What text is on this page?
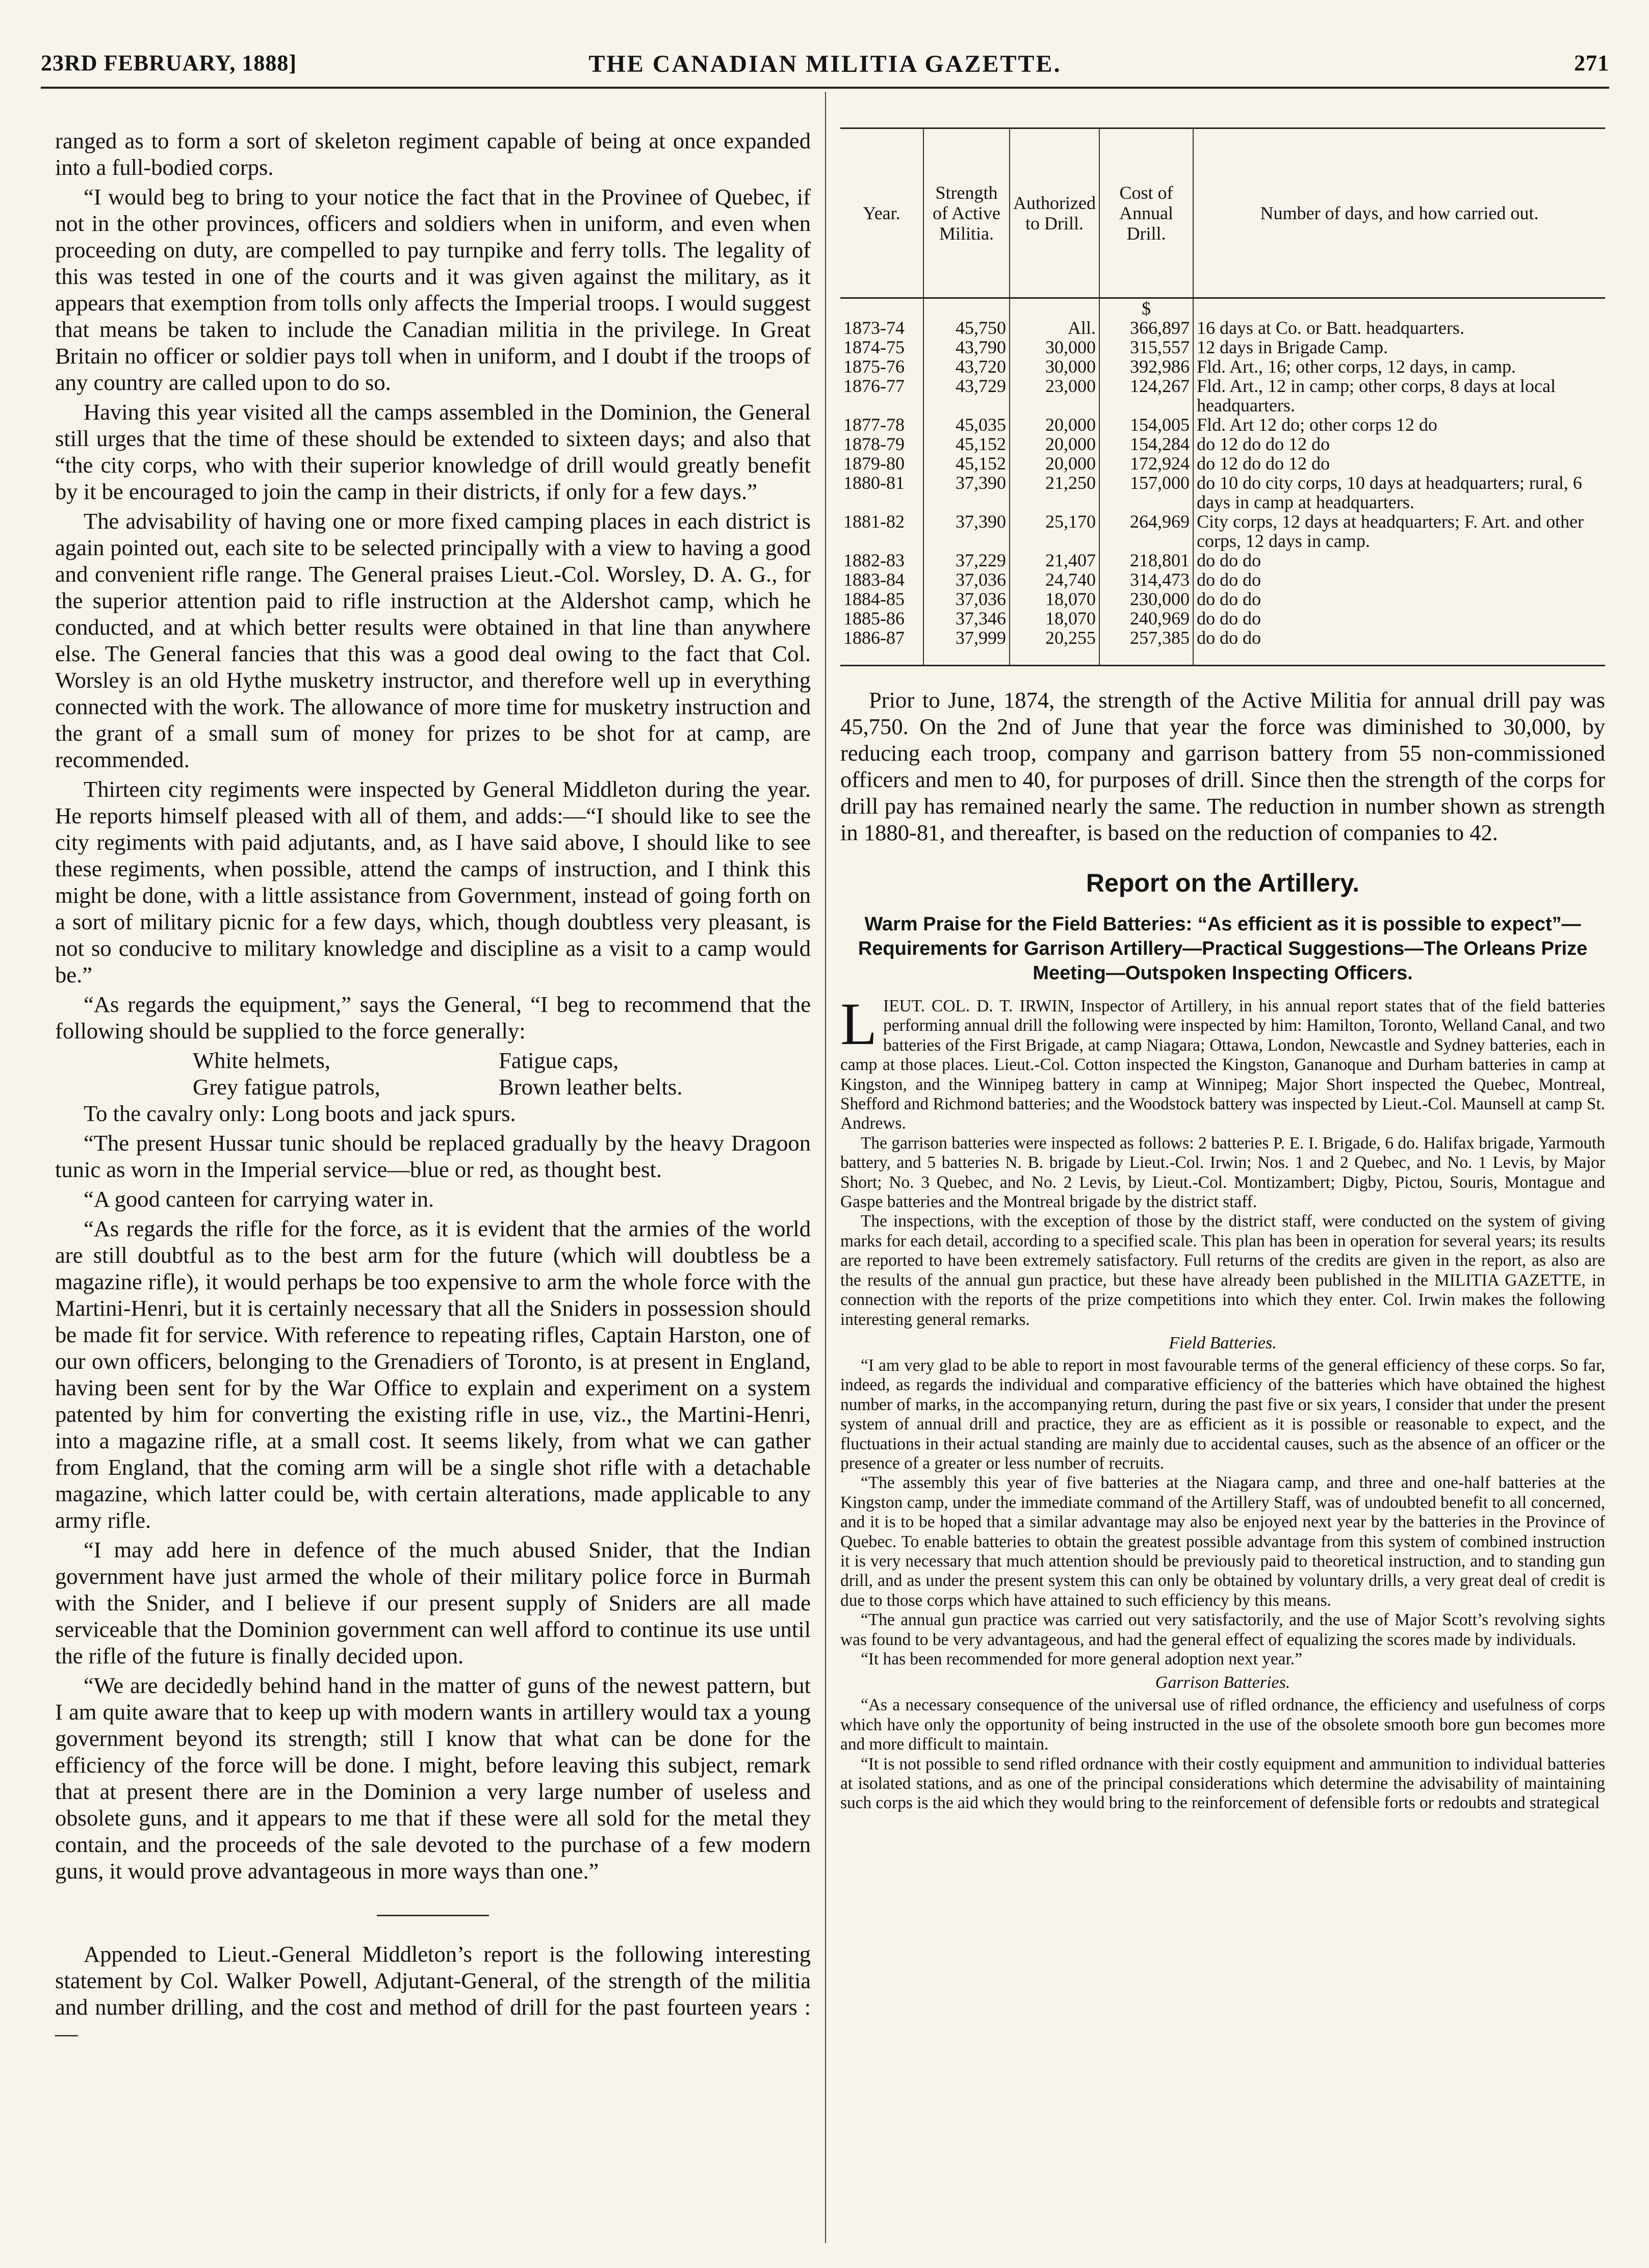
23RD FEBRUARY, 1888]	THE CANADIAN MILITIA GAZETTE.	271

ranged as to form a sort of skeleton regiment capable of being at once expanded into a full-bodied corps.

“I would beg to bring to your notice the fact that in the Provinee of Quebec, if not in the other provinces, officers and soldiers when in uniform, and even when proceeding on duty, are compelled to pay turnpike and ferry tolls. The legality of this was tested in one of the courts and it was given against the military, as it appears that exemption from tolls only affects the Imperial troops. I would suggest that means be taken to include the Canadian militia in the privilege. In Great Britain no officer or soldier pays toll when in uniform, and I doubt if the troops of any country are called upon to do so.

Having this year visited all the camps assembled in the Dominion, the General still urges that the time of these should be extended to sixteen days; and also that “the city corps, who with their superior knowledge of drill would greatly benefit by it be encouraged to join the camp in their districts, if only for a few days.”

The advisability of having one or more fixed camping places in each district is again pointed out, each site to be selected principally with a view to having a good and convenient rifle range. The General praises Lieut.-Col. Worsley, D. A. G., for the superior attention paid to rifle instruction at the Aldershot camp, which he conducted, and at which better results were obtained in that line than anywhere else. The General fancies that this was a good deal owing to the fact that Col. Worsley is an old Hythe musketry instructor, and therefore well up in everything connected with the work. The allowance of more time for musketry instruction and the grant of a small sum of money for prizes to be shot for at camp, are recommended.

Thirteen city regiments were inspected by General Middleton during the year. He reports himself pleased with all of them, and adds:—“I should like to see the city regiments with paid adjutants, and, as I have said above, I should like to see these regiments, when possible, attend the camps of instruction, and I think this might be done, with a little assistance from Government, instead of going forth on a sort of military picnic for a few days, which, though doubtless very pleasant, is not so conducive to military knowledge and discipline as a visit to a camp would be.”

“As regards the equipment,” says the General, “I beg to recommend that the following should be supplied to the force generally:

White helmets,	Fatigue caps,
Grey fatigue patrols,	Brown leather belts.

To the cavalry only: Long boots and jack spurs.

“The present Hussar tunic should be replaced gradually by the heavy Dragoon tunic as worn in the Imperial service—blue or red, as thought best.

“A good canteen for carrying water in.

“As regards the rifle for the force, as it is evident that the armies of the world are still doubtful as to the best arm for the future (which will doubtless be a magazine rifle), it would perhaps be too expensive to arm the whole force with the Martini-Henri, but it is certainly necessary that all the Sniders in possession should be made fit for service. With reference to repeating rifles, Captain Harston, one of our own officers, belonging to the Grenadiers of Toronto, is at present in England, having been sent for by the War Office to explain and experiment on a system patented by him for converting the existing rifle in use, viz., the Martini-Henri, into a magazine rifle, at a small cost. It seems likely, from what we can gather from England, that the coming arm will be a single shot rifle with a detachable magazine, which latter could be, with certain alterations, made applicable to any army rifle.

“I may add here in defence of the much abused Snider, that the Indian government have just armed the whole of their military police force in Burmah with the Snider, and I believe if our present supply of Sniders are all made serviceable that the Dominion government can well afford to continue its use until the rifle of the future is finally decided upon.

“We are decidedly behind hand in the matter of guns of the newest pattern, but I am quite aware that to keep up with modern wants in artillery would tax a young government beyond its strength; still I know that what can be done for the efficiency of the force will be done. I might, before leaving this subject, remark that at present there are in the Dominion a very large number of useless and obsolete guns, and it appears to me that if these were all sold for the metal they contain, and the proceeds of the sale devoted to the purchase of a few modern guns, it would prove advantageous in more ways than one.”

Appended to Lieut.-General Middleton’s report is the following interesting statement by Col. Walker Powell, Adjutant-General, of the strength of the militia and number drilling, and the cost and method of drill for the past fourteen years :—

Year.	Strength of Active Militia.	Authorized to Drill.	Cost of Annual Drill.	Number of days, and how carried out.
			$	
1873-74	45,750	All.	366,897	16 days at Co. or Batt. headquarters.
1874-75	43,790	30,000	315,557	12 days in Brigade Camp.
1875-76	43,720	30,000	392,986	Fld. Art., 16; other corps, 12 days, in camp.
1876-77	43,729	23,000	124,267	Fld. Art., 12 in camp; other corps, 8 days at local headquarters.
1877-78	45,035	20,000	154,005	Fld. Art 12 do; other corps 12 do
1878-79	45,152	20,000	154,284	do 12 do do 12 do
1879-80	45,152	20,000	172,924	do 12 do do 12 do
1880-81	37,390	21,250	157,000	do 10 do city corps, 10 days at headquarters; rural, 6 days in camp at headquarters.
1881-82	37,390	25,170	264,969	City corps, 12 days at headquarters; F. Art. and other corps, 12 days in camp.
1882-83	37,229	21,407	218,801	do do do
1883-84	37,036	24,740	314,473	do do do
1884-85	37,036	18,070	230,000	do do do
1885-86	37,346	18,070	240,969	do do do
1886-87	37,999	20,255	257,385	do do do

Prior to June, 1874, the strength of the Active Militia for annual drill pay was 45,750. On the 2nd of June that year the force was diminished to 30,000, by reducing each troop, company and garrison battery from 55 non-commissioned officers and men to 40, for purposes of drill. Since then the strength of the corps for drill pay has remained nearly the same. The reduction in number shown as strength in 1880-81, and thereafter, is based on the reduction of companies to 42.

Report on the Artillery.
Warm Praise for the Field Batteries: “As efficient as it is possible to expect”—Requirements for Garrison Artillery—Practical Suggestions—The Orleans Prize Meeting—Outspoken Inspecting Officers.

LIEUT. COL. D. T. IRWIN, Inspector of Artillery, in his annual report states that of the field batteries performing annual drill the following were inspected by him: Hamilton, Toronto, Welland Canal, and two batteries of the First Brigade, at camp Niagara; Ottawa, London, Newcastle and Sydney batteries, each in camp at those places. Lieut.-Col. Cotton inspected the Kingston, Gananoque and Durham batteries in camp at Kingston, and the Winnipeg battery in camp at Winnipeg; Major Short inspected the Quebec, Montreal, Shefford and Richmond batteries; and the Woodstock battery was inspected by Lieut.-Col. Maunsell at camp St. Andrews.

The garrison batteries were inspected as follows: 2 batteries P. E. I. Brigade, 6 do. Halifax brigade, Yarmouth battery, and 5 batteries N. B. brigade by Lieut.-Col. Irwin; Nos. 1 and 2 Quebec, and No. 1 Levis, by Major Short; No. 3 Quebec, and No. 2 Levis, by Lieut.-Col. Montizambert; Digby, Pictou, Souris, Montague and Gaspe batteries and the Montreal brigade by the district staff.

The inspections, with the exception of those by the district staff, were conducted on the system of giving marks for each detail, according to a specified scale. This plan has been in operation for several years; its results are reported to have been extremely satisfactory. Full returns of the credits are given in the report, as also are the results of the annual gun practice, but these have already been published in the MILITIA GAZETTE, in connection with the reports of the prize competitions into which they enter. Col. Irwin makes the following interesting general remarks.

Field Batteries.

“I am very glad to be able to report in most favourable terms of the general efficiency of these corps. So far, indeed, as regards the individual and comparative efficiency of the batteries which have obtained the highest number of marks, in the accompanying return, during the past five or six years, I consider that under the present system of annual drill and practice, they are as efficient as it is possible or reasonable to expect, and the fluctuations in their actual standing are mainly due to accidental causes, such as the absence of an officer or the presence of a greater or less number of recruits.

“The assembly this year of five batteries at the Niagara camp, and three and one-half batteries at the Kingston camp, under the immediate command of the Artillery Staff, was of undoubted benefit to all concerned, and it is to be hoped that a similar advantage may also be enjoyed next year by the batteries in the Province of Quebec. To enable batteries to obtain the greatest possible advantage from this system of combined instruction it is very necessary that much attention should be previously paid to theoretical instruction, and to standing gun drill, and as under the present system this can only be obtained by voluntary drills, a very great deal of credit is due to those corps which have attained to such efficiency by this means.

“The annual gun practice was carried out very satisfactorily, and the use of Major Scott’s revolving sights was found to be very advantageous, and had the general effect of equalizing the scores made by individuals.

“It has been recommended for more general adoption next year.”

Garrison Batteries.

“As a necessary consequence of the universal use of rifled ordnance, the efficiency and usefulness of corps which have only the opportunity of being instructed in the use of the obsolete smooth bore gun becomes more and more difficult to maintain.

“It is not possible to send rifled ordnance with their costly equipment and ammunition to individual batteries at isolated stations, and as one of the principal considerations which determine the advisability of maintaining such corps is the aid which they would bring to the reinforcement of defensible forts or redoubts and strategical
